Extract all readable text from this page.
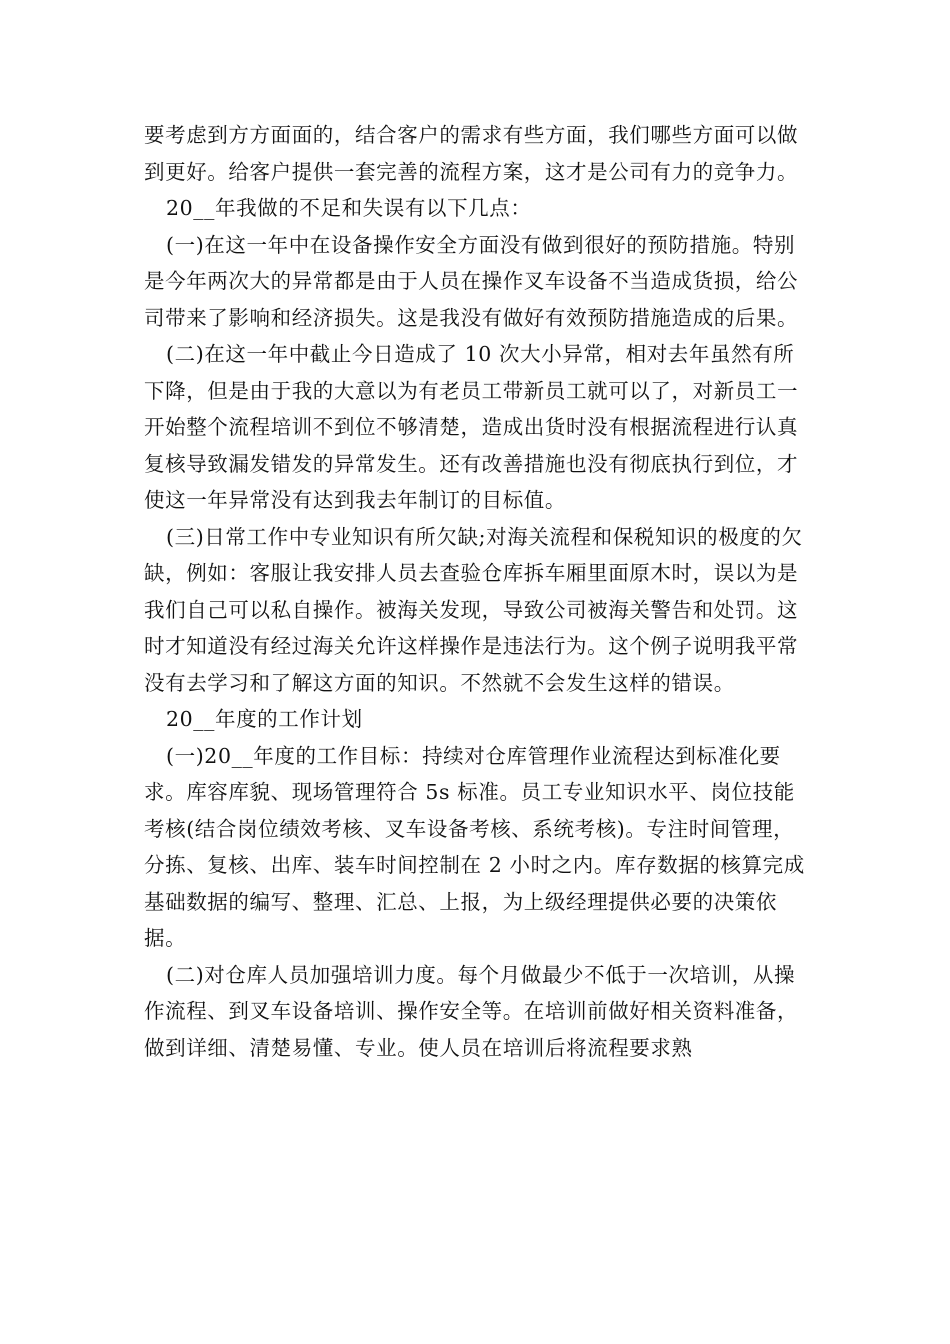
要考虑到方方面面的，结合客户的需求有些方面，我们哪些方面可以做到更好。给客户提供一套完善的流程方案，这才是公司有力的竞争力。

20__年我做的不足和失误有以下几点：

(一)在这一年中在设备操作安全方面没有做到很好的预防措施。特别是今年两次大的异常都是由于人员在操作叉车设备不当造成货损，给公司带来了影响和经济损失。这是我没有做好有效预防措施造成的后果。

(二)在这一年中截止今日造成了 10 次大小异常，相对去年虽然有所下降，但是由于我的大意以为有老员工带新员工就可以了，对新员工一开始整个流程培训不到位不够清楚，造成出货时没有根据流程进行认真复核导致漏发错发的异常发生。还有改善措施也没有彻底执行到位，才使这一年异常没有达到我去年制订的目标值。

(三)日常工作中专业知识有所欠缺;对海关流程和保税知识的极度的欠缺，例如：客服让我安排人员去查验仓库拆车厢里面原木时，误以为是我们自己可以私自操作。被海关发现，导致公司被海关警告和处罚。这时才知道没有经过海关允许这样操作是违法行为。这个例子说明我平常没有去学习和了解这方面的知识。不然就不会发生这样的错误。

20__年度的工作计划

(一)20__年度的工作目标：持续对仓库管理作业流程达到标准化要求。库容库貌、现场管理符合 5s 标准。员工专业知识水平、岗位技能考核(结合岗位绩效考核、叉车设备考核、系统考核)。专注时间管理，分拣、复核、出库、装车时间控制在 2 小时之内。库存数据的核算完成基础数据的编写、整理、汇总、上报，为上级经理提供必要的决策依据。

(二)对仓库人员加强培训力度。每个月做最少不低于一次培训，从操作流程、到叉车设备培训、操作安全等。在培训前做好相关资料准备，做到详细、清楚易懂、专业。使人员在培训后将流程要求熟
